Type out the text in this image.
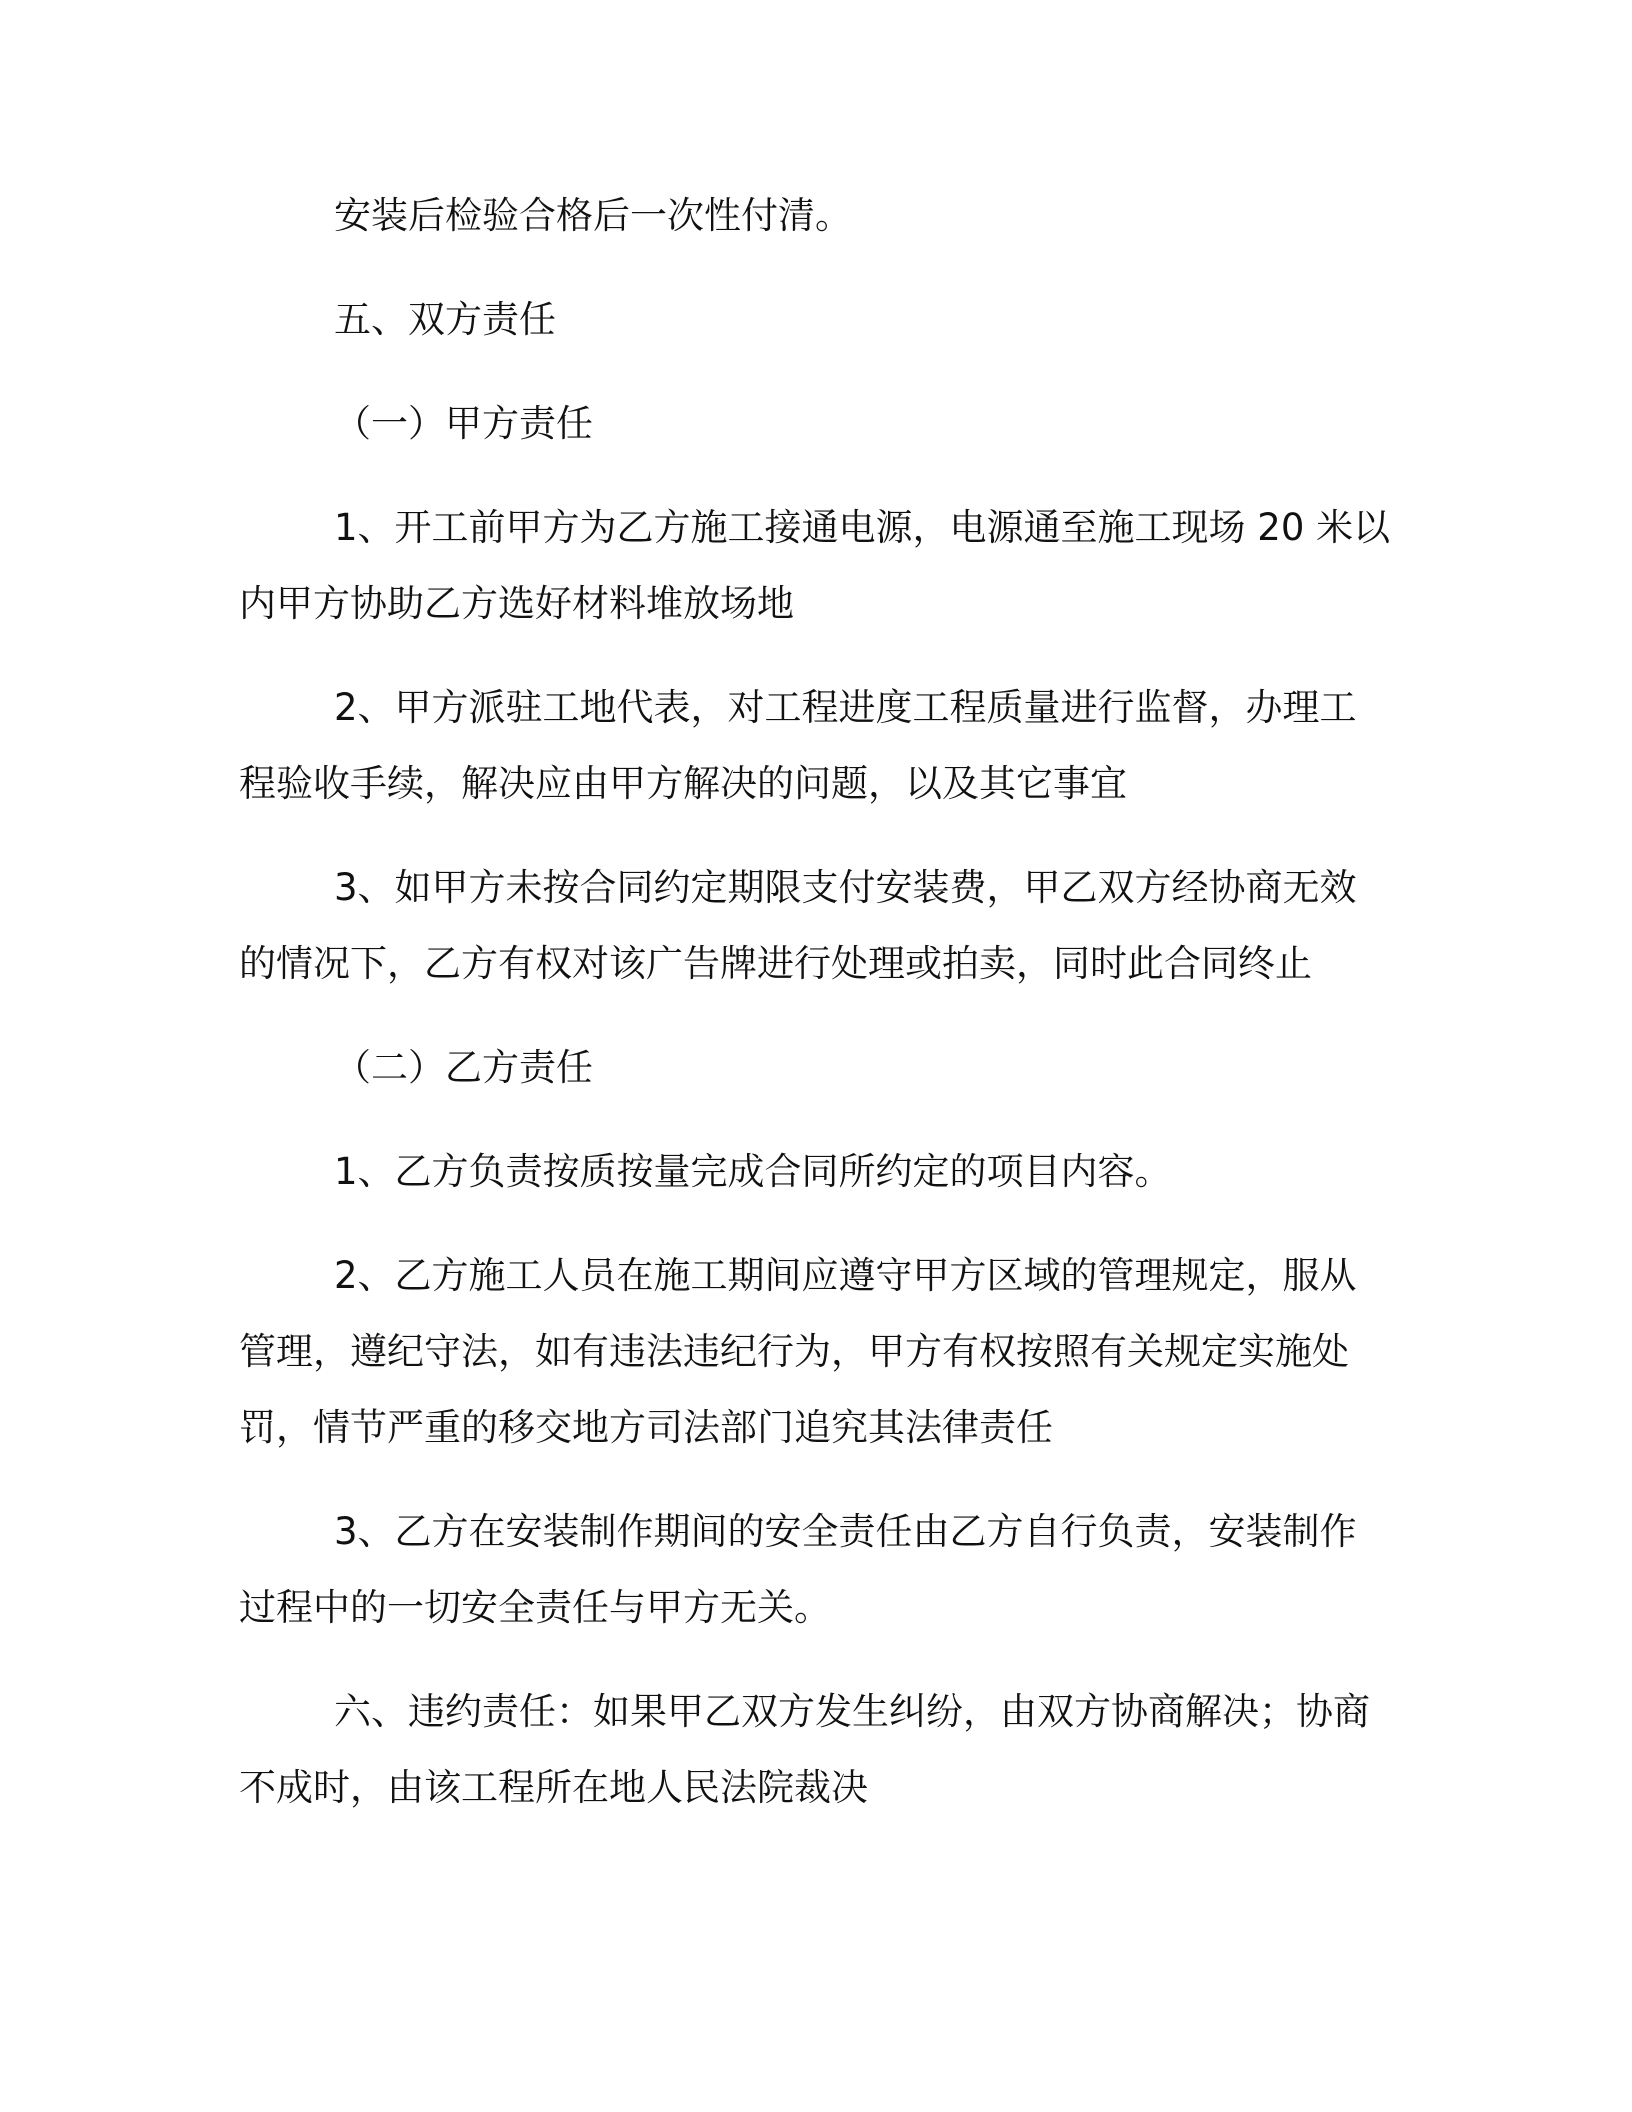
安装后检验合格后一次性付清。
五、双方责任
（一）甲方责任
1、开工前甲方为乙方施工接通电源，电源通至施工现场 20 米以
内甲方协助乙方选好材料堆放场地
2、甲方派驻工地代表，对工程进度工程质量进行监督，办理工
程验收手续，解决应由甲方解决的问题，以及其它事宜
3、如甲方未按合同约定期限支付安装费，甲乙双方经协商无效
的情况下，乙方有权对该广告牌进行处理或拍卖，同时此合同终止
（二）乙方责任
1、乙方负责按质按量完成合同所约定的项目内容。
2、乙方施工人员在施工期间应遵守甲方区域的管理规定，服从
管理，遵纪守法，如有违法违纪行为，甲方有权按照有关规定实施处
罚，情节严重的移交地方司法部门追究其法律责任
3、乙方在安装制作期间的安全责任由乙方自行负责，安装制作
过程中的一切安全责任与甲方无关。
六、违约责任：如果甲乙双方发生纠纷，由双方协商解决；协商
不成时，由该工程所在地人民法院裁决
